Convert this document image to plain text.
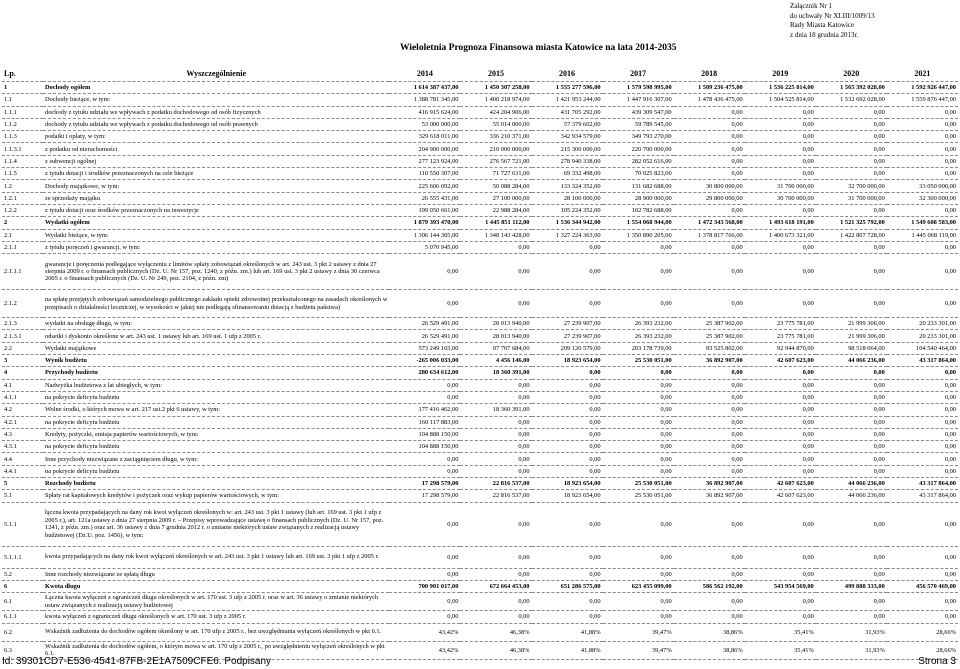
Załącznik Nr 1
do uchwały Nr XLIII/1009/13
Rady Miasta Katowice
z dnia 18 grudnia 2013r.
Wieloletnia Prognoza Finansowa miasta Katowice na lata 2014-2035
Lp.	Wyszczególnienie	2014	2015	2016	2017	2018	2019	2020	2021
1	Dochody ogółem	1 614 387 437,00	1 450 307 258,00	1 555 277 596,00	1 579 598 995,00	1 509 236 475,00	1 536 225 814,00	1 565 392 028,00	1 592 926 447,00
1.1	Dochody bieżące, w tym:	1 388 781 345,00	1 400 218 974,00	1 421 953 244,00	1 447 916 307,00	1 478 436 475,00	1 504 525 814,00	1 532 692 028,00	1 559 876 447,00
1.1.1	dochody z tytułu udziału we wpływach z podatku dochodowego od osób fizycznych	416 915 624,00	424 204 906,00	431 705 292,00	439 309 547,00	0,00	0,00	0,00	0,00
1.1.2	dochody z tytułu udziału we wpływach z podatku dochodowego od osób prawnych	53 000 000,00	55 014 000,00	57 379 602,00	59 789 545,00	0,00	0,00	0,00	0,00
1.1.3	podatki i opłaty, w tym:	329 618 011,00	336 210 371,00	342 934 579,00	349 793 270,00	0,00	0,00	0,00	0,00
1.1.3.1	z podatku od nieruchomości	204 900 000,00	210 000 000,00	215 300 000,00	220 700 000,00	0,00	0,00	0,00	0,00
1.1.4	z subwencji ogólnej	277 123 924,00	276 567 721,00	278 940 338,00	282 052 616,00	0,00	0,00	0,00	0,00
1.1.5	z tytułu dotacji i środków przeznaczonych na cele bieżące	110 550 307,00	71 727 631,00	69 332 498,00	70 025 823,00	0,00	0,00	0,00	0,00
1.2	Dochody majątkowe, w tym:	225 606 092,00	50 088 284,00	133 324 352,00	131 682 688,00	30 800 000,00	31 700 000,00	32 700 000,00	33 050 000,00
1.2.1	ze sprzedaży majątku	26 555 431,00	27 100 000,00	28 100 000,00	28 900 000,00	29 800 000,00	30 700 000,00	31 700 000,00	32 300 000,00
1.2.2	z tytułu dotacji oraz środków przeznaczonych na inwestycje	199 050 661,00	22 988 284,00	105 224 352,00	102 782 688,00	0,00	0,00	0,00	0,00
2	Wydatki ogółem	1 879 393 470,00	1 445 851 112,00	1 536 344 942,00	1 554 068 944,00	1 472 343 568,00	1 493 618 191,00	1 521 325 792,00	1 549 608 583,00
2.1	Wydatki bieżące, w tym:	1 306 144 305,00	1 348 143 428,00	1 327 224 363,00	1 350 890 205,00	1 378 817 766,00	1 400 673 321,00	1 422 807 728,00	1 445 068 119,00
2.1.1	z tytułu poręczeń i gwarancji, w tym:	5 070 945,00	0,00	0,00	0,00	0,00	0,00	0,00	0,00
2.1.1.1	gwarancje i poręczenia podlegające wyłączeniu z limitów spłaty zobowiązań określonych w art. 243 ust. 3 pkt 2 ustawy z dnia 27 sierpnia 2009 r. o finansach publicznych (Dz. U. Nr 157, poz. 1240, z późn. zm.) lub art. 169 ust. 3 pkt 2 ustawy z dnia 30 czerwca 2005 r. o finansach publicznych (Dz. U. Nr 249, poz. 2104, z późn. zm)	0,00	0,00	0,00	0,00	0,00	0,00	0,00	0,00
2.1.2	na spłatę przejętych zobowiązań samodzielnego publicznego zakładu opieki zdrowotnej przekształconego na zasadach określonych w przepisach o działalności leczniczej, w wysokości w jakiej nie podlegają sfinansowaniu dotacją z budżetu państwa)	0,00	0,00	0,00	0,00	0,00	0,00	0,00	0,00
2.1.3	wydatki na obsługę długu, w tym:	26 529 491,00	28 013 940,00	27 239 907,00	26 393 232,00	25 387 902,00	23 775 781,00	21 999 306,00	20 233 301,00
2.1.3.1	odsetki i dyskonto określone w art. 243 ust. 1 ustawy lub art. 169 ust. 1 ufp z 2005 r.	26 529 491,00	28 013 940,00	27 239 907,00	26 393 232,00	25 387 902,00	23 775 781,00	21 999 306,00	20 233 301,00
2.2	Wydatki majątkowe	573 249 165,00	97 707 684,00	209 120 579,00	203 178 739,00	93 525 802,00	92 944 870,00	98 518 064,00	104 540 464,00
3	Wynik budżetu	-265 006 033,00	4 456 146,00	18 923 654,00	25 530 051,00	36 892 907,00	42 607 623,00	44 066 236,00	43 317 864,00
4	Przychody budżetu	280 634 612,00	18 360 391,00	0,00	0,00	0,00	0,00	0,00	0,00
4.1	Nadwyżka budżetowa z lat ubiegłych, w tym:	0,00	0,00	0,00	0,00	0,00	0,00	0,00	0,00
4.1.1	na pokrycie deficytu budżetu	0,00	0,00	0,00	0,00	0,00	0,00	0,00	0,00
4.2	Wolne środki, o których mowa w art. 217 ust.2 pkt 6 ustawy, w tym:	177 416 462,00	18 360 391,00	0,00	0,00	0,00	0,00	0,00	0,00
4.2.1	na pokrycie deficytu budżetu	160 117 883,00	0,00	0,00	0,00	0,00	0,00	0,00	0,00
4.3	Kredyty, pożyczki, emisja papierów wartościowych, w tym:	104 888 150,00	0,00	0,00	0,00	0,00	0,00	0,00	0,00
4.3.1	na pokrycie deficytu budżetu	104 888 150,00	0,00	0,00	0,00	0,00	0,00	0,00	0,00
4.4	Inne przychody niezwiązane z zaciągnięciem długu, w tym:	0,00	0,00	0,00	0,00	0,00	0,00	0,00	0,00
4.4.1	na pokrycie deficytu budżetu	0,00	0,00	0,00	0,00	0,00	0,00	0,00	0,00
5	Rozchody budżetu	17 298 579,00	22 816 537,00	18 923 654,00	25 530 051,00	36 892 907,00	42 607 623,00	44 066 236,00	43 317 864,00
5.1	Spłaty rat kapitałowych kredytów i pożyczek oraz wykup papierów wartościowych, w tym:	17 298 579,00	22 816 537,00	18 923 654,00	25 530 051,00	36 892 907,00	42 607 623,00	44 066 236,00	43 317 864,00
5.1.1	łączna kwota przypadających na dany rok kwot wyłączeń określonych w: art. 243 ust. 3 pkt 1 ustawy (lub art. 169 ust. 3 pkt 1 ufp z 2005 r.), art. 121a ustawy z dnia 27 sierpnia 2009 r. – Przepisy wprowadzające ustawę o finansach publicznych (Dz. U. Nr 157, poz. 1241, z późn. zm.) oraz art. 36 ustawy z dnia 7 grudnia 2012 r. o zmianie niektórych ustaw związanych z realizacją ustawy budżetowej (Dz.U. poz. 1456), w tym:	0,00	0,00	0,00	0,00	0,00	0,00	0,00	0,00
5.1.1.1	kwota przypadających na dany rok kwot wyłączeń określonych w art. 243 ust. 3 pkt 1 ustawy lub art. 169 ust. 3 pkt 1 ufp z 2005 r.	0,00	0,00	0,00	0,00	0,00	0,00	0,00	0,00
5.2	Inne rozchody niezwiązane ze spłatą długu	0,00	0,00	0,00	0,00	0,00	0,00	0,00	0,00
6	Kwota długu	700 901 017,00	672 664 453,00	651 286 575,00	623 455 099,00	586 562 192,00	543 954 569,00	499 888 333,00	456 570 469,00
6.1	Łączna kwota wyłączeń z ograniczeń długu określonych w art. 170 ust. 3 ufp z 2005 r. oraz w art. 36 ustawy o zmianie niektórych ustaw związanych z realizacją ustawy budżetowej	0,00	0,00	0,00	0,00	0,00	0,00	0,00	0,00
6.1.1	kwota wyłączeń z ograniczeń długu określonych w art. 170 ust. 3 ufp z 2005 r.	0,00	0,00	0,00	0,00	0,00	0,00	0,00	0,00
6.2	Wskaźnik zadłużenia do dochodów ogółem określony w art. 170 ufp z 2005 r., bez uwzględniania wyłączeń określonych w pkt 6.1.	43,42%	46,38%	41,88%	39,47%	38,86%	35,41%	31,93%	28,66%
6.3	Wskaźnik zadłużenia do dochodów ogółem, o którym mowa w art. 170 ufp z 2005 r., po uwzględnieniu wyłączeń określonych w pkt 6.1.	43,42%	46,38%	41,88%	39,47%	38,86%	35,41%	31,93%	28,66%
Id: 39301CD7-E536-4541-87FB-2E1A7509CFE6. Podpisany	Strona 3
